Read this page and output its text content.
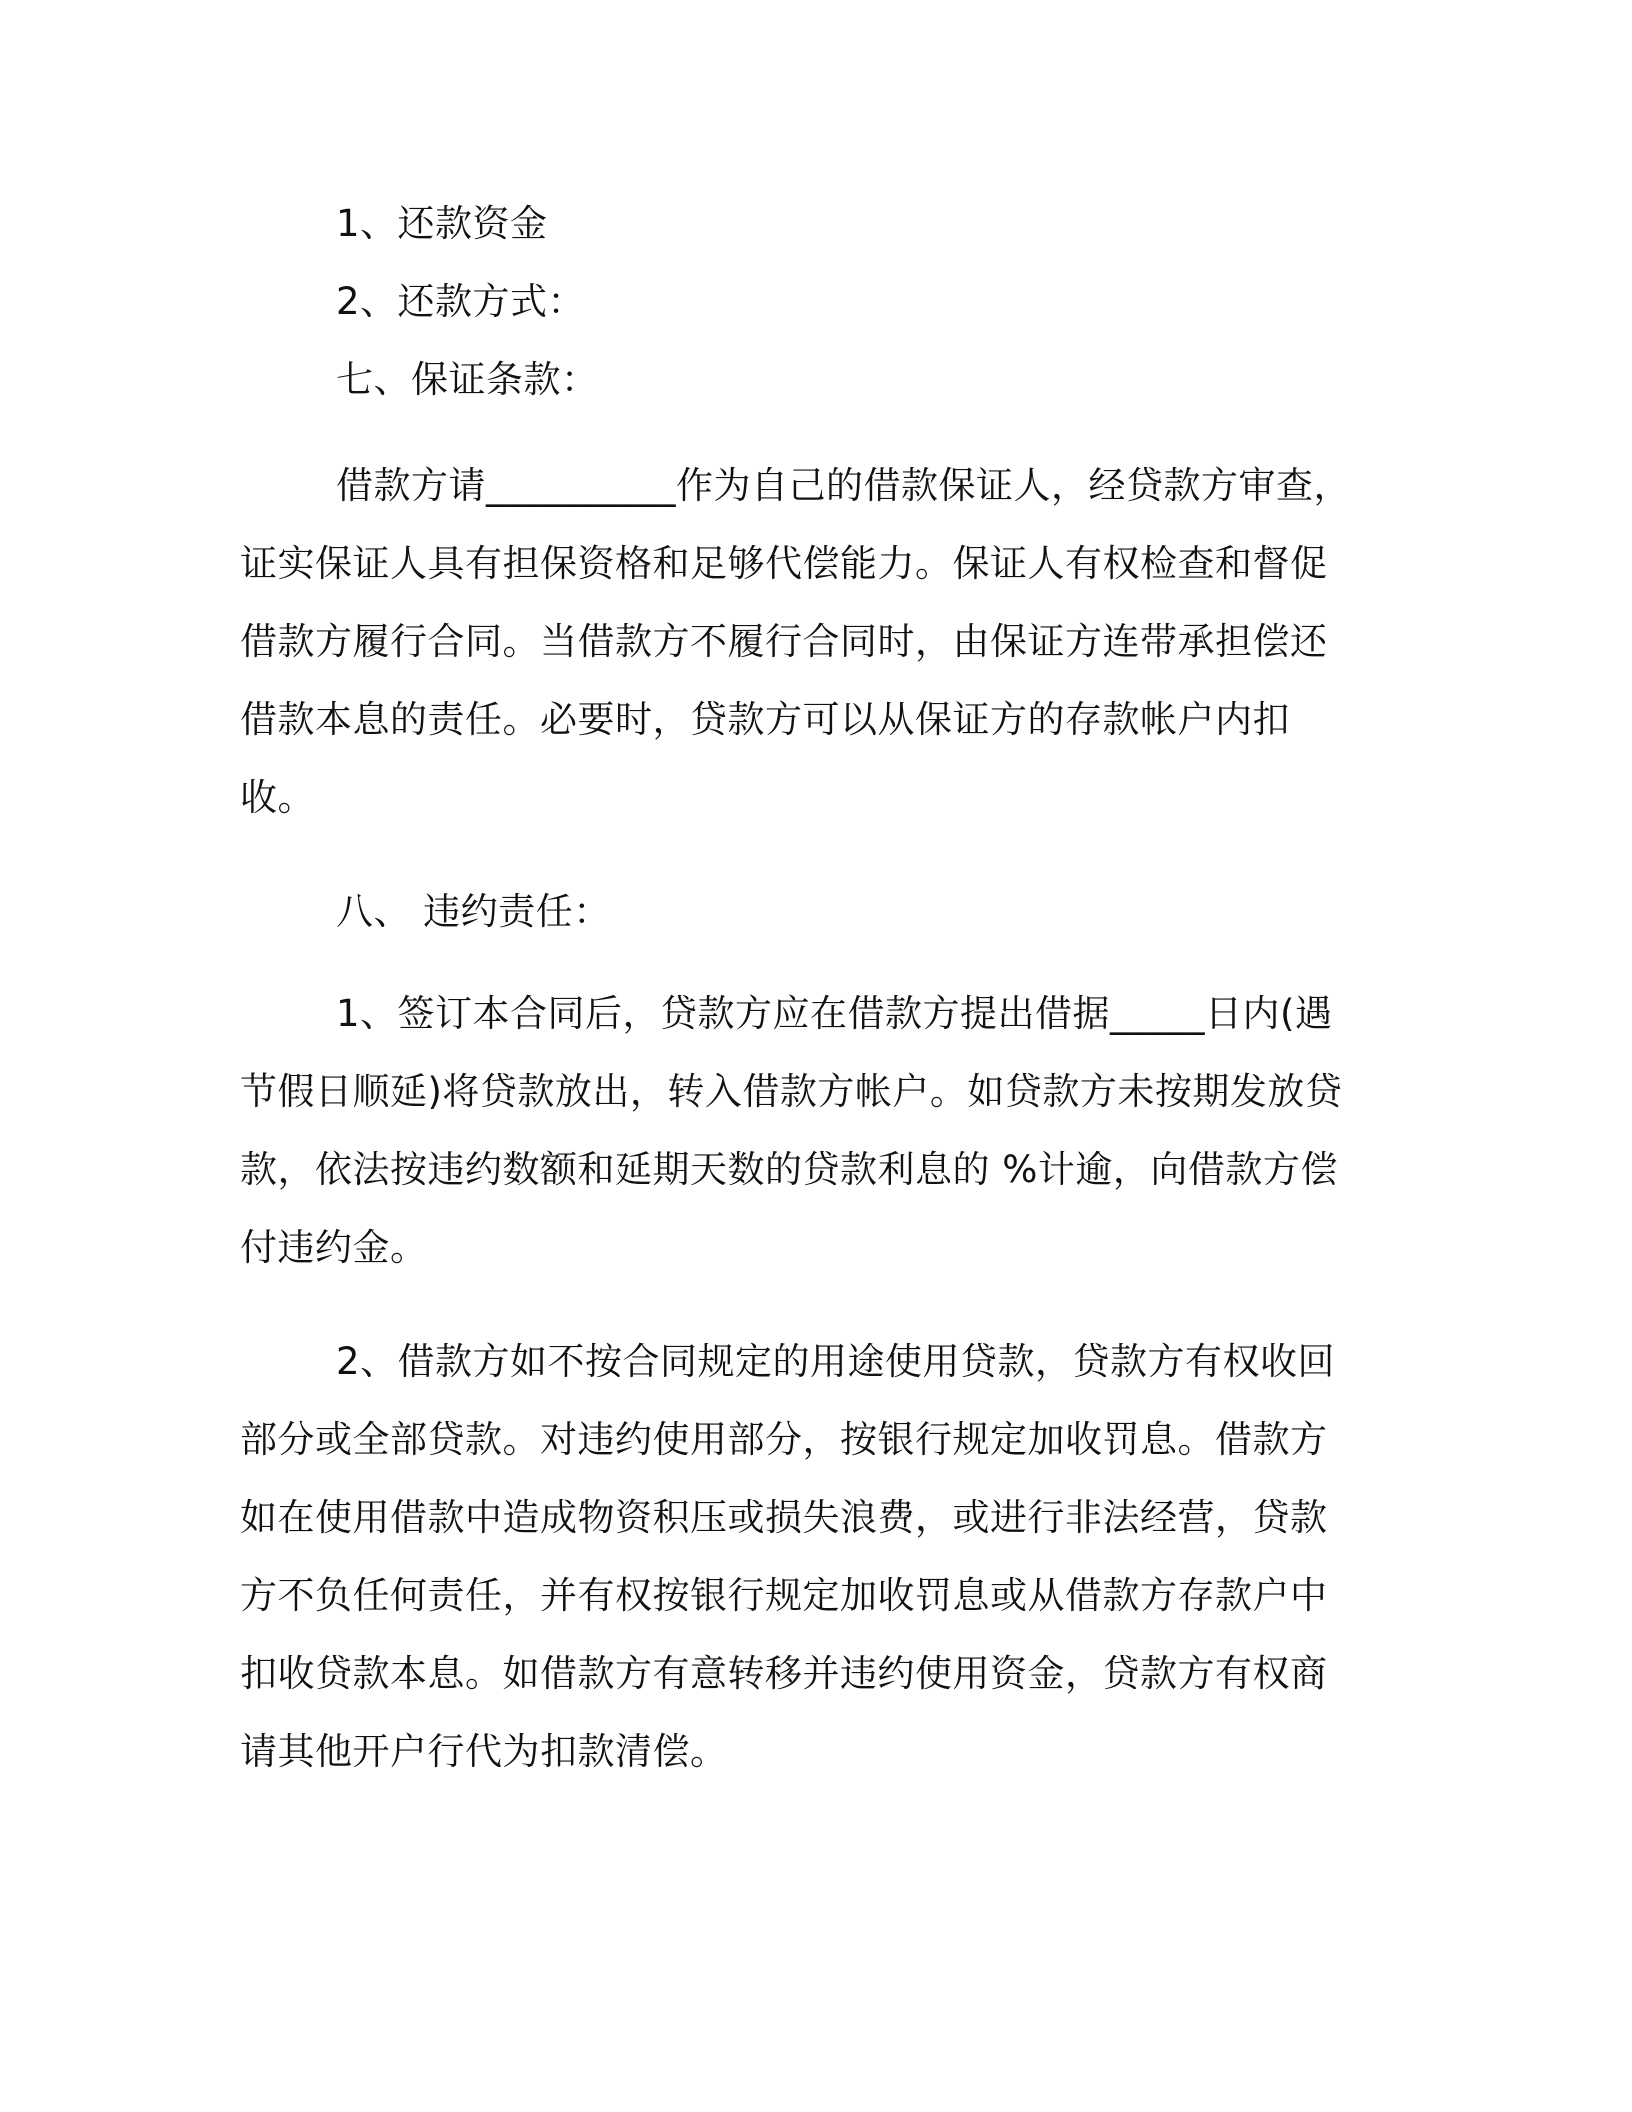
1、还款资金

2、还款方式：

七、保证条款：

借款方请__________作为自己的借款保证人，经贷款方审查，证实保证人具有担保资格和足够代偿能力。保证人有权检查和督促借款方履行合同。当借款方不履行合同时，由保证方连带承担偿还借款本息的责任。必要时，贷款方可以从保证方的存款帐户内扣收。

八、 违约责任：

1、签订本合同后，贷款方应在借款方提出借据_____日内(遇节假日顺延)将贷款放出，转入借款方帐户。如贷款方未按期发放贷款，依法按违约数额和延期天数的贷款利息的 %计逾，向借款方偿付违约金。

2、借款方如不按合同规定的用途使用贷款，贷款方有权收回部分或全部贷款。对违约使用部分，按银行规定加收罚息。借款方如在使用借款中造成物资积压或损失浪费，或进行非法经营，贷款方不负任何责任，并有权按银行规定加收罚息或从借款方存款户中扣收贷款本息。如借款方有意转移并违约使用资金，贷款方有权商请其他开户行代为扣款清偿。
